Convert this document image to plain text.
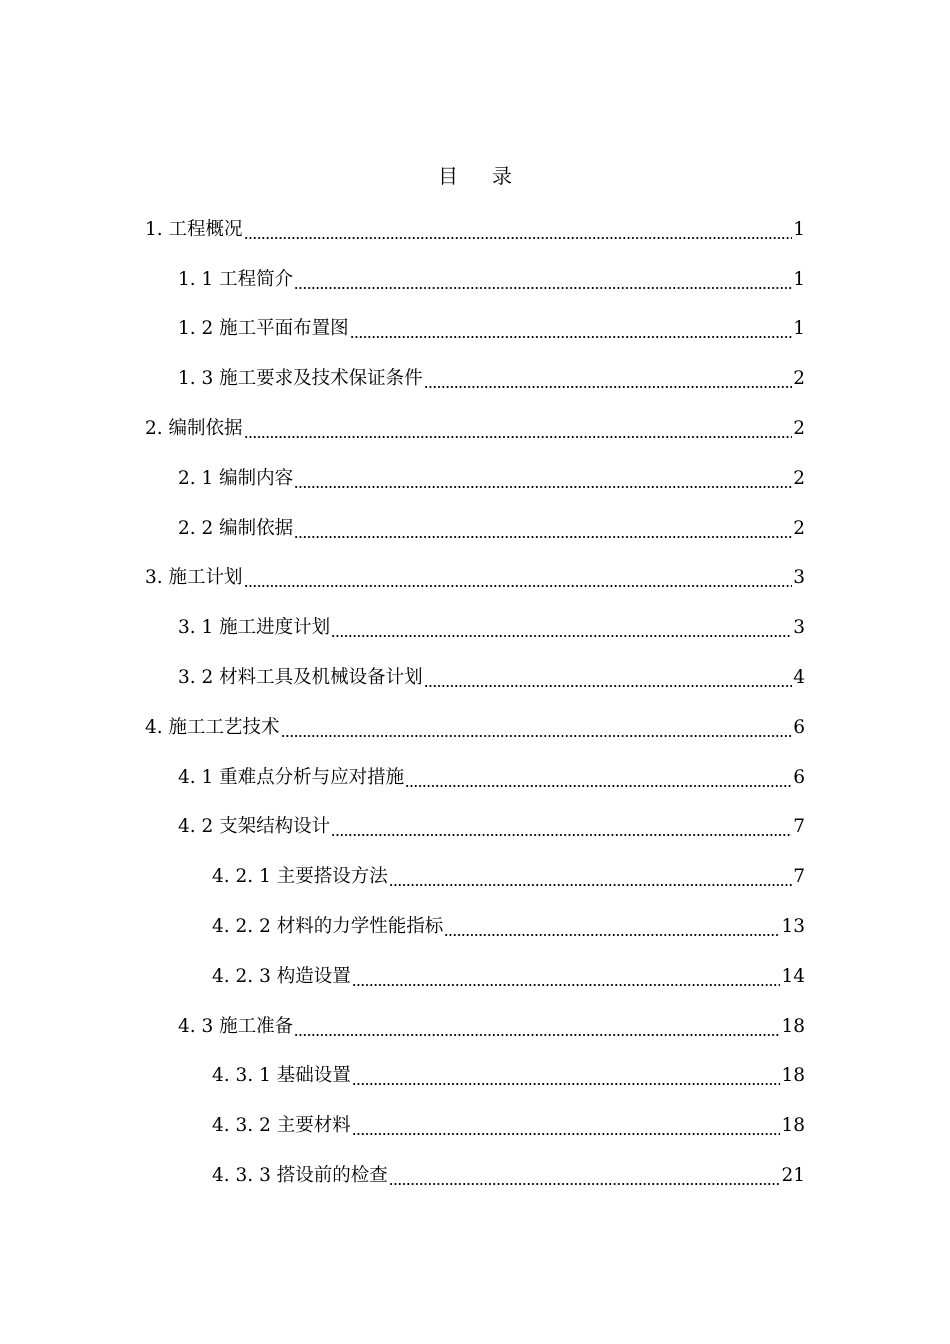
目 录
1. 工程概况	1
1. 1 工程简介	1
1. 2 施工平面布置图	1
1. 3 施工要求及技术保证条件	2
2. 编制依据	2
2. 1 编制内容	2
2. 2 编制依据	2
3. 施工计划	3
3. 1 施工进度计划	3
3. 2 材料工具及机械设备计划	4
4. 施工工艺技术	6
4. 1 重难点分析与应对措施	6
4. 2 支架结构设计	7
4. 2. 1 主要搭设方法	7
4. 2. 2 材料的力学性能指标	13
4. 2. 3 构造设置	14
4. 3 施工准备	18
4. 3. 1 基础设置	18
4. 3. 2 主要材料	18
4. 3. 3 搭设前的检查	21
